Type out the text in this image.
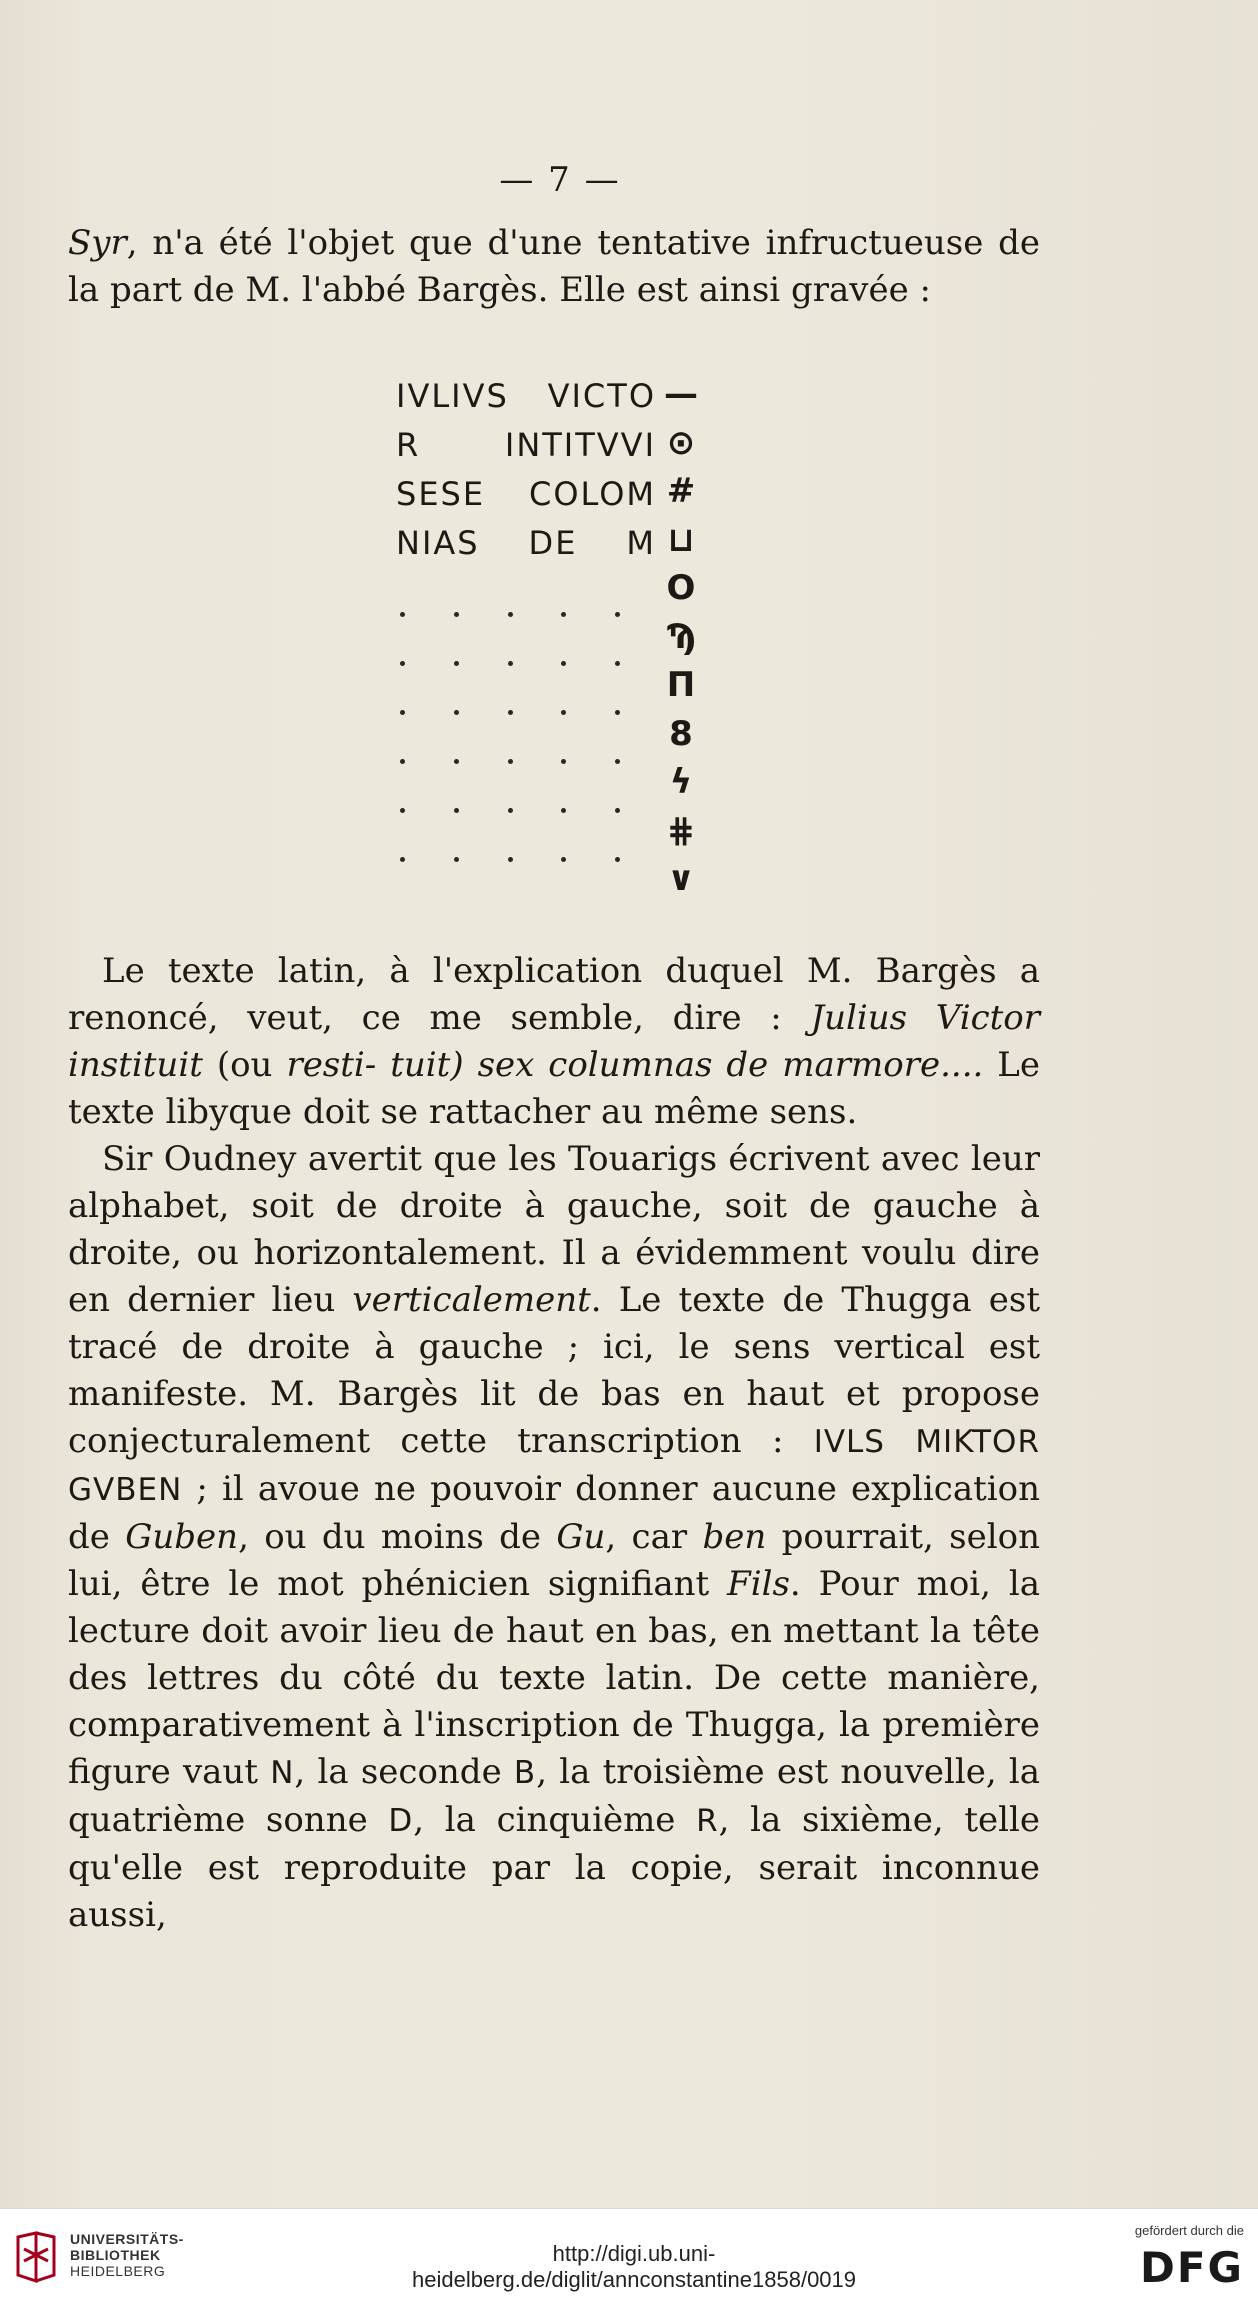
— 7 —

Syr, n'a été l'objet que d'une tentative infructueuse de la part de M. l'abbé Bargès. Elle est ainsi gravée :

IVLIVS VICTO
R	INTITVVI
SESE COLOM
NIAS DE M
—
⊙
#
⊔
O
Ϡ
Π
8
ϟ
⋕
∨

Le texte latin, à l'explication duquel M. Bargès a renoncé, veut, ce me semble, dire : Julius Victor instituit (ou resti- tuit) sex columnas de marmore.... Le texte libyque doit se rattacher au même sens.

Sir Oudney avertit que les Touarigs écrivent avec leur alphabet, soit de droite à gauche, soit de gauche à droite, ou horizontalement. Il a évidemment voulu dire en dernier lieu verticalement. Le texte de Thugga est tracé de droite à gauche ; ici, le sens vertical est manifeste. M. Bargès lit de bas en haut et propose conjecturalement cette transcription : IVLS MIKTOR GVBEN ; il avoue ne pouvoir donner aucune explication de Guben, ou du moins de Gu, car ben pourrait, selon lui, être le mot phénicien signifiant Fils. Pour moi, la lecture doit avoir lieu de haut en bas, en mettant la tête des lettres du côté du texte latin. De cette manière, comparativement à l'inscription de Thugga, la première figure vaut N, la seconde B, la troisième est nouvelle, la quatrième sonne D, la cinquième R, la sixième, telle qu'elle est reproduite par la copie, serait inconnue aussi,

UNIVERSITÄTS-
BIBLIOTHEK
HEIDELBERG
http://digi.ub.uni-heidelberg.de/diglit/annconstantine1858/0019
gefördert durch die
DFG
